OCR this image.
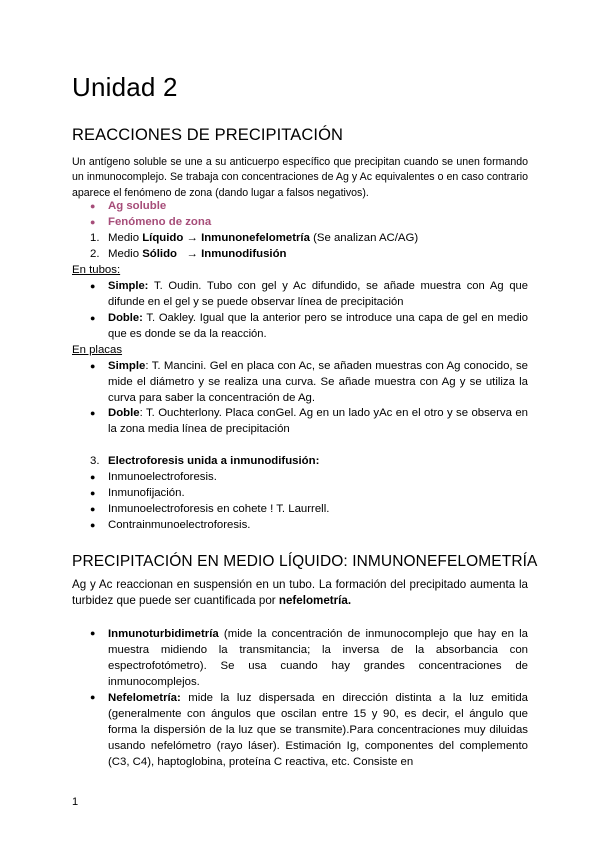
Unidad 2
REACCIONES DE PRECIPITACIÓN
Un antígeno soluble se une a su anticuerpo específico que precipitan cuando se unen formando un inmunocomplejo. Se trabaja con concentraciones de Ag y Ac equivalentes o en caso contrario aparece el fenómeno de zona (dando lugar a falsos negativos).
● Ag soluble
● Fenómeno de zona
1. Medio Líquido → Inmunonefelometría (Se analizan AC/AG)
2. Medio Sólido   → Inmunodifusión
En tubos:
● Simple: T. Oudin. Tubo con gel y Ac difundido, se añade muestra con Ag que difunde en el gel y se puede observar línea de precipitación
● Doble: T. Oakley. Igual que la anterior pero se introduce una capa de gel en medio que es donde se da la reacción.
En placas
● Simple: T. Mancini. Gel en placa con Ac, se añaden muestras con Ag conocido, se mide el diámetro y se realiza una curva. Se añade muestra con Ag y se utiliza la curva para saber la concentración de Ag.
● Doble: T. Ouchterlony. Placa conGel. Ag en un lado yAc en el otro y se observa en la zona media línea de precipitación
3. Electroforesis unida a inmunodifusión:
● Inmunoelectroforesis.
● Inmunofijación.
● Inmunoelectroforesis en cohete ! T. Laurrell.
● Contrainmunoelectroforesis.
PRECIPITACIÓN EN MEDIO LÍQUIDO: INMUNONEFELOMETRÍA
Ag y Ac reaccionan en suspensión en un tubo. La formación del precipitado aumenta la turbidez que puede ser cuantificada por nefelometría.
● Inmunoturbidimetría (mide la concentración de inmunocomplejo que hay en la muestra midiendo la transmitancia; la inversa de la absorbancia con espectrofotómetro). Se usa cuando hay grandes concentraciones de inmunocomplejos.
● Nefelometría: mide la luz dispersada en dirección distinta a la luz emitida (generalmente con ángulos que oscilan entre 15 y 90, es decir, el ángulo que forma la dispersión de la luz que se transmite).Para concentraciones muy diluidas usando nefelómetro (rayo láser). Estimación Ig, componentes del complemento (C3, C4), haptoglobina, proteína C reactiva, etc. Consiste en
1
